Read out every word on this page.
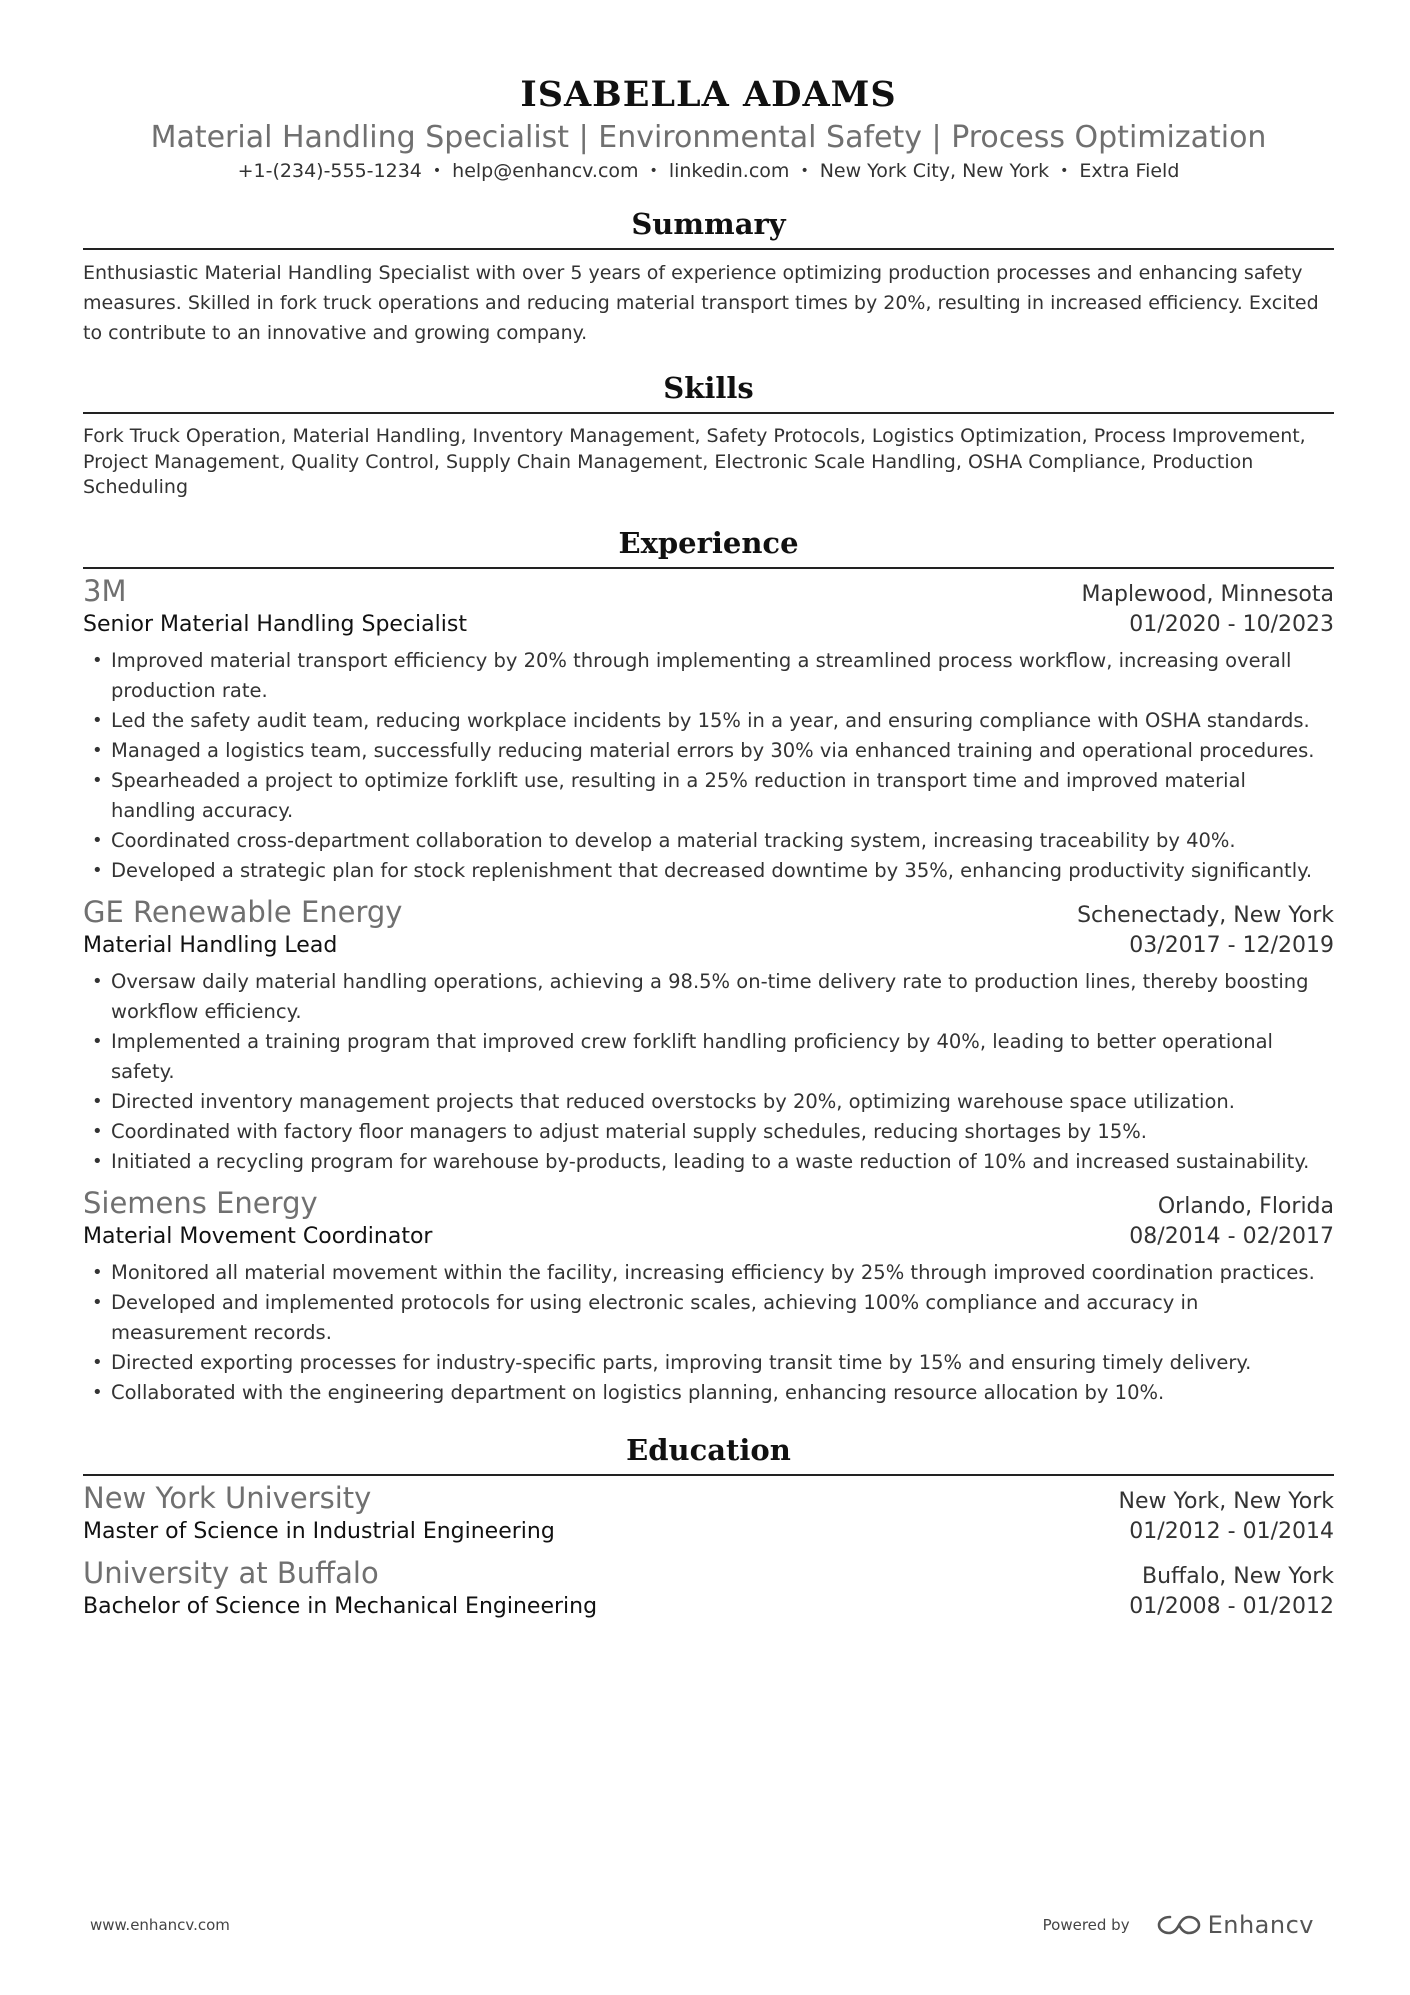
ISABELLA ADAMS
Material Handling Specialist | Environmental Safety | Process Optimization
+1-(234)-555-1234 • help@enhancv.com • linkedin.com • New York City, New York • Extra Field
Summary
Enthusiastic Material Handling Specialist with over 5 years of experience optimizing production processes and enhancing safety measures. Skilled in fork truck operations and reducing material transport times by 20%, resulting in increased efficiency. Excited to contribute to an innovative and growing company.
Skills
Fork Truck Operation, Material Handling, Inventory Management, Safety Protocols, Logistics Optimization, Process Improvement, Project Management, Quality Control, Supply Chain Management, Electronic Scale Handling, OSHA Compliance, Production Scheduling
Experience
3M	Maplewood, Minnesota
Senior Material Handling Specialist	01/2020 - 10/2023
• Improved material transport efficiency by 20% through implementing a streamlined process workflow, increasing overall production rate.
• Led the safety audit team, reducing workplace incidents by 15% in a year, and ensuring compliance with OSHA standards.
• Managed a logistics team, successfully reducing material errors by 30% via enhanced training and operational procedures.
• Spearheaded a project to optimize forklift use, resulting in a 25% reduction in transport time and improved material handling accuracy.
• Coordinated cross-department collaboration to develop a material tracking system, increasing traceability by 40%.
• Developed a strategic plan for stock replenishment that decreased downtime by 35%, enhancing productivity significantly.
GE Renewable Energy	Schenectady, New York
Material Handling Lead	03/2017 - 12/2019
• Oversaw daily material handling operations, achieving a 98.5% on-time delivery rate to production lines, thereby boosting workflow efficiency.
• Implemented a training program that improved crew forklift handling proficiency by 40%, leading to better operational safety.
• Directed inventory management projects that reduced overstocks by 20%, optimizing warehouse space utilization.
• Coordinated with factory floor managers to adjust material supply schedules, reducing shortages by 15%.
• Initiated a recycling program for warehouse by-products, leading to a waste reduction of 10% and increased sustainability.
Siemens Energy	Orlando, Florida
Material Movement Coordinator	08/2014 - 02/2017
• Monitored all material movement within the facility, increasing efficiency by 25% through improved coordination practices.
• Developed and implemented protocols for using electronic scales, achieving 100% compliance and accuracy in measurement records.
• Directed exporting processes for industry-specific parts, improving transit time by 15% and ensuring timely delivery.
• Collaborated with the engineering department on logistics planning, enhancing resource allocation by 10%.
Education
New York University	New York, New York
Master of Science in Industrial Engineering	01/2012 - 01/2014
University at Buffalo	Buffalo, New York
Bachelor of Science in Mechanical Engineering	01/2008 - 01/2012
www.enhancv.com	Powered by	Enhancv
